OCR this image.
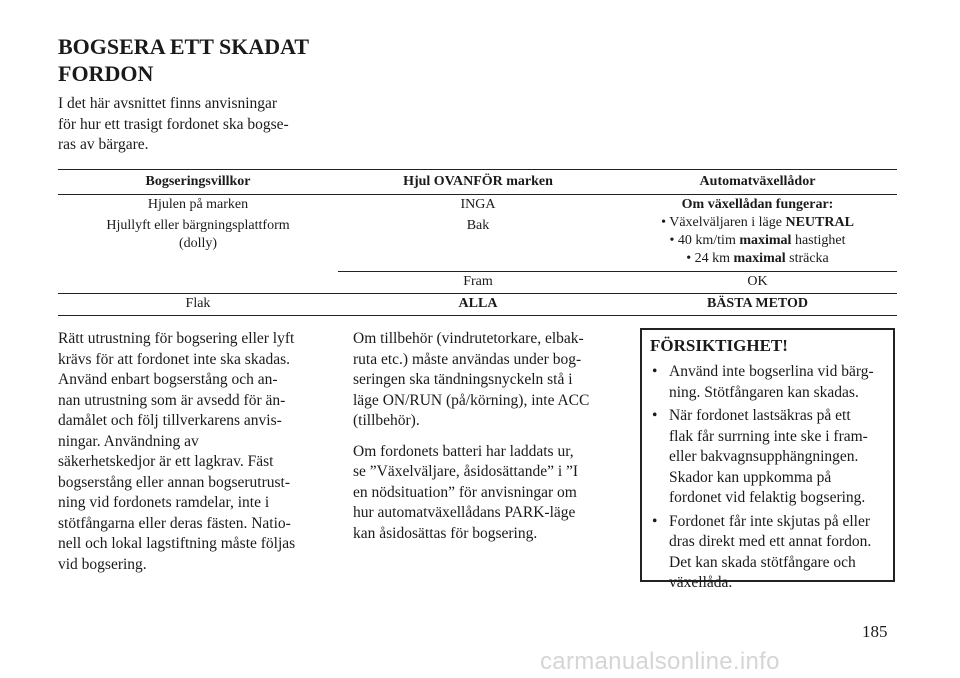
BOGSERA ETT SKADAT
FORDON

I det här avsnittet finns anvisningar
för hur ett trasigt fordonet ska bogse-
ras av bärgare.

Bogseringsvillkor	Hjul OVANFÖR marken	Automatväxellådor
Hjulen på marken	INGA	Om växellådan fungerar:
• Växelväljaren i läge NEUTRAL
• 40 km/tim maximal hastighet
• 24 km maximal sträcka

Hjullyft eller bärgningsplattform
(dolly)	Bak	
	Fram	OK
Flak	ALLA	BÄSTA METOD

Rätt utrustning för bogsering eller lyft
krävs för att fordonet inte ska skadas.
Använd enbart bogserstång och an-
nan utrustning som är avsedd för än-
damålet och följ tillverkarens anvis-
ningar. Användning av
säkerhetskedjor är ett lagkrav. Fäst
bogserstång eller annan bogserutrust-
ning vid fordonets ramdelar, inte i
stötfångarna eller deras fästen. Natio-
nell och lokal lagstiftning måste följas
vid bogsering.

Om tillbehör (vindrutetorkare, elbak-
ruta etc.) måste användas under bog-
seringen ska tändningsnyckeln stå i
läge ON/RUN (på/körning), inte ACC
(tillbehör).

Om fordonets batteri har laddats ur,
se ”Växelväljare, åsidosättande” i ”I
en nödsituation” för anvisningar om
hur automatväxellådans PARK-läge
kan åsidosättas för bogsering.

FÖRSIKTIGHET!
• Använd inte bogserlina vid bärg-
ning. Stötfångaren kan skadas.
• När fordonet lastsäkras på ett
flak får surrning inte ske i fram-
eller bakvagnsupphängningen.
Skador kan uppkomma på
fordonet vid felaktig bogsering.
• Fordonet får inte skjutas på eller
dras direkt med ett annat fordon.
Det kan skada stötfångare och
växellåda.
185
carmanualsonline.info
